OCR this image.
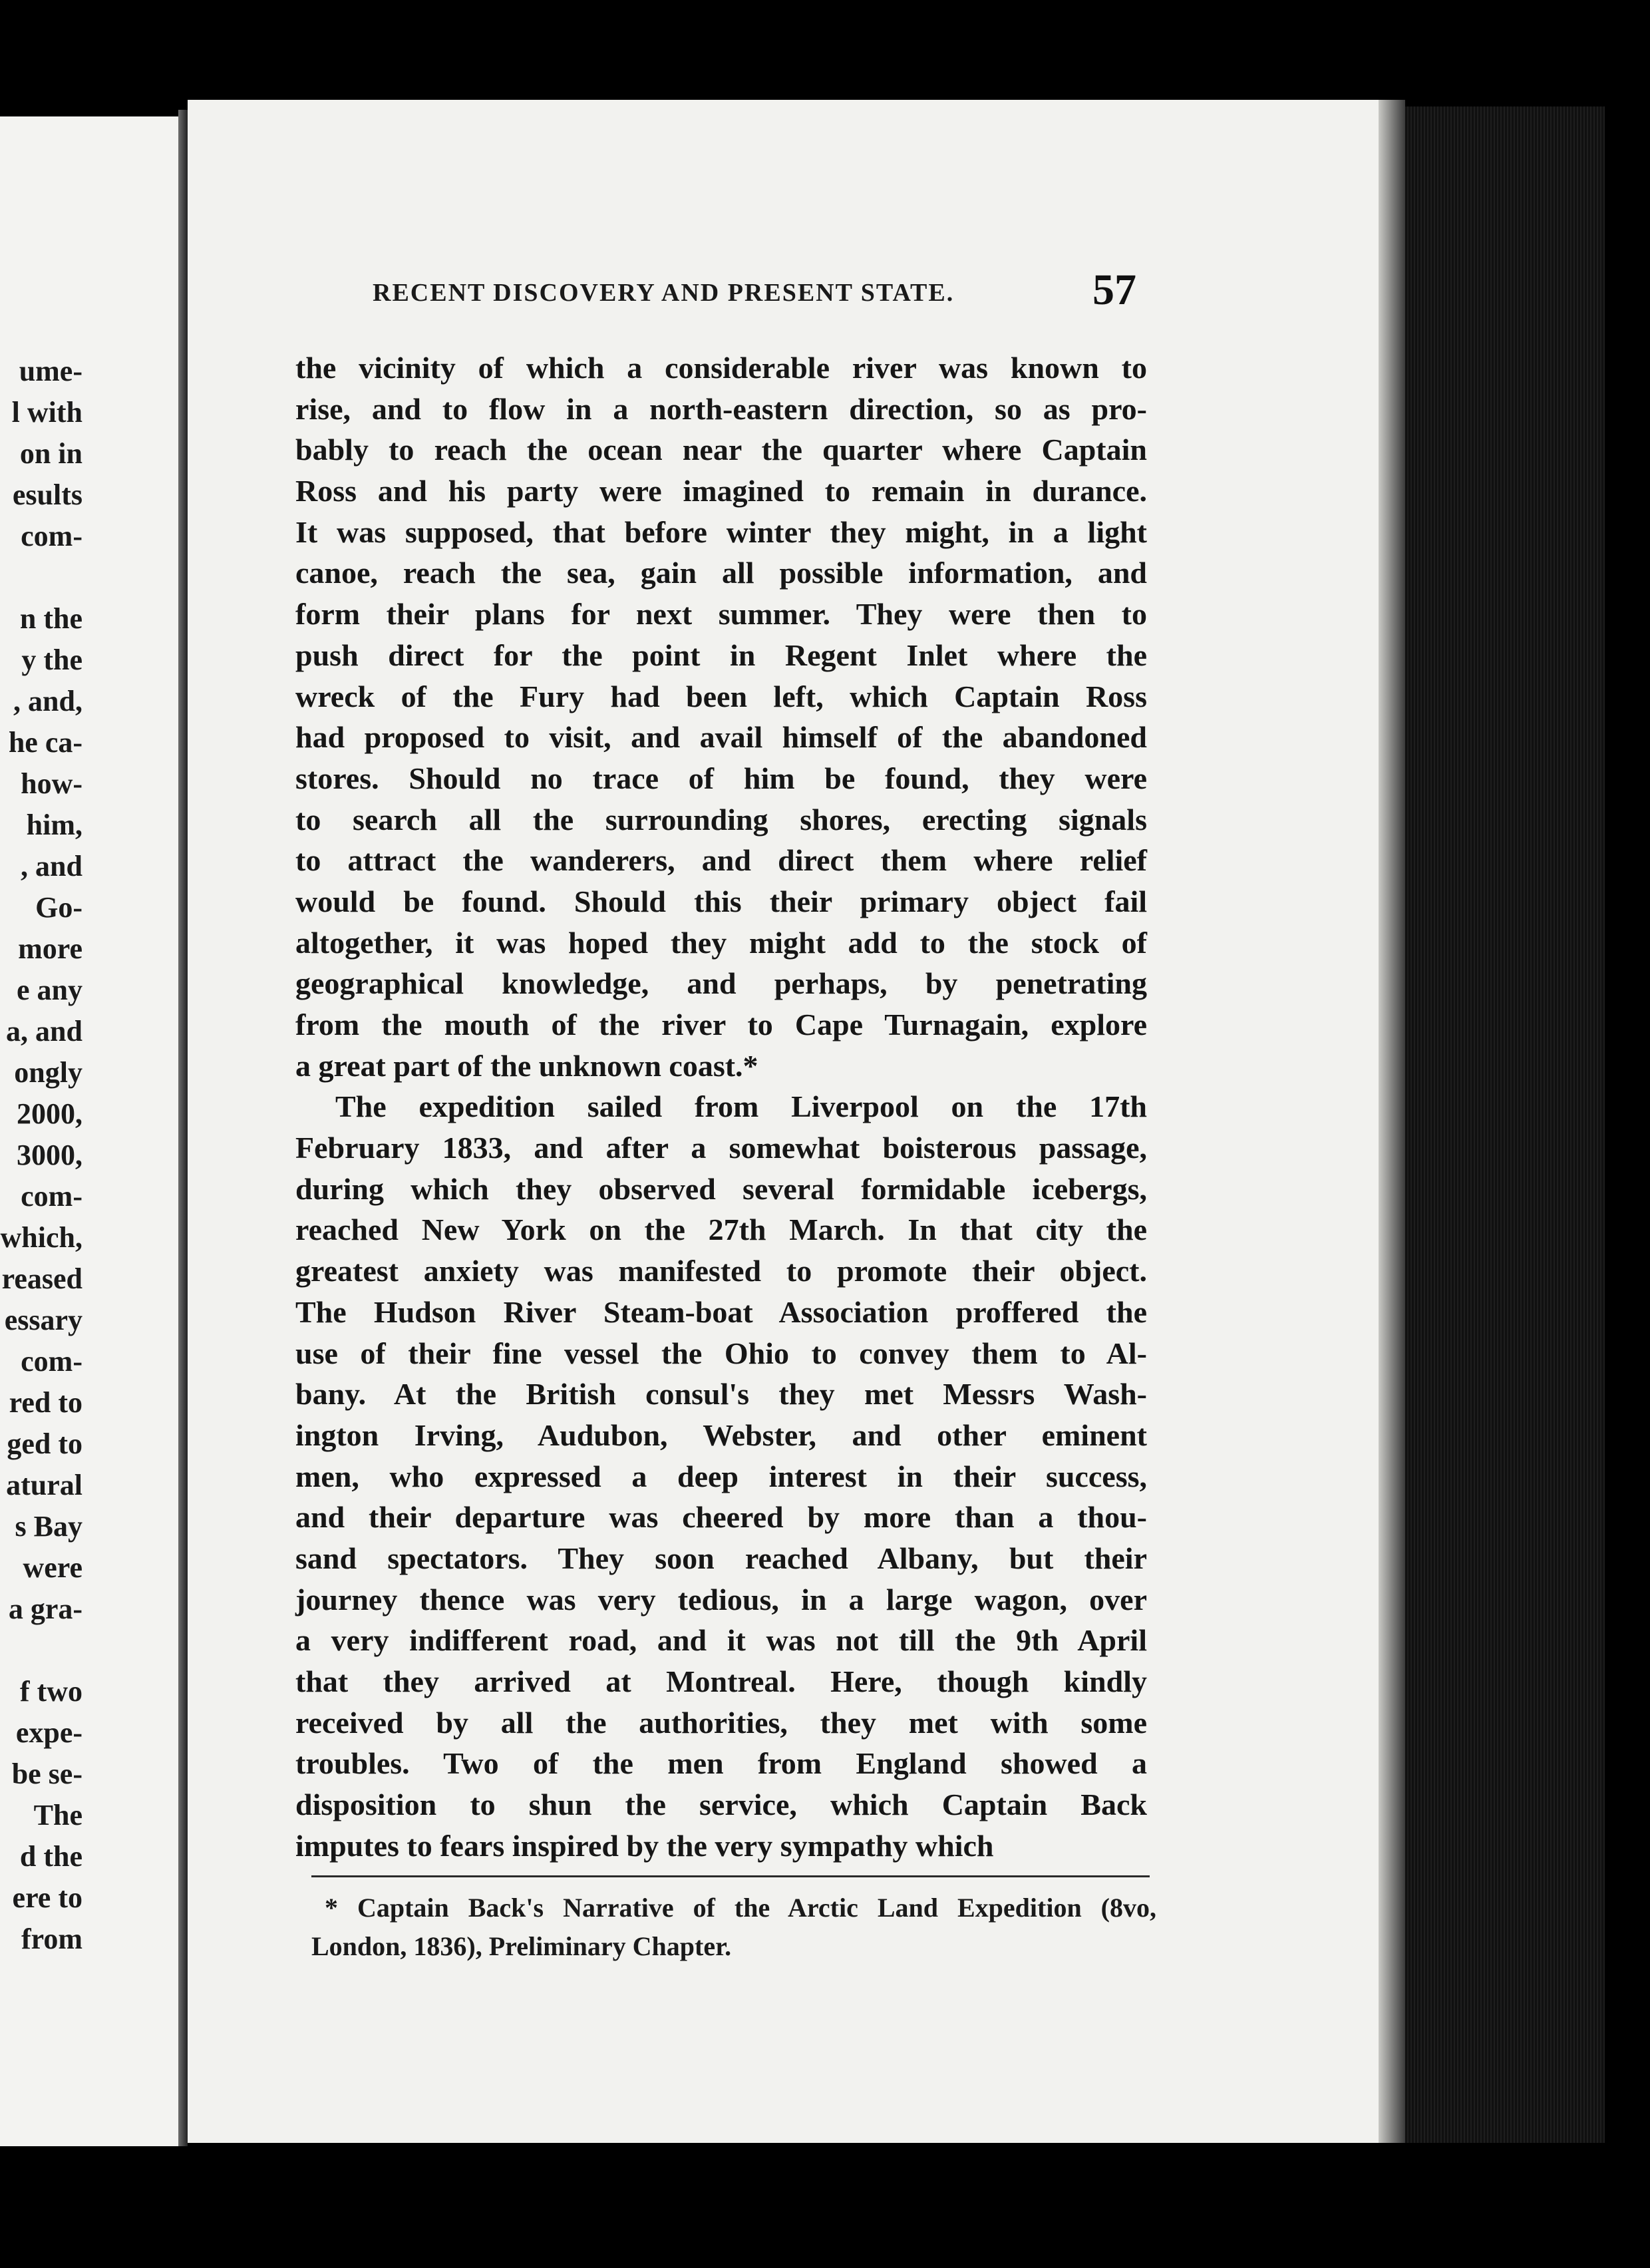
ume-
l with
on in
esults
com-
n the
y the
, and,
he ca-
how-
him,
, and
Go-
more
e any
a, and
ongly
2000,
3000,
com-
which,
reased
essary
com-
red to
ged to
atural
s Bay
were
a gra-
f two
expe-
be se-
The
d the
ere to
from
RECENT DISCOVERY AND PRESENT STATE.	57
the vicinity of which a considerable river was known to
rise, and to flow in a north-eastern direction, so as pro-
bably to reach the ocean near the quarter where Captain
Ross and his party were imagined to remain in durance.
It was supposed, that before winter they might, in a light
canoe, reach the sea, gain all possible information, and
form their plans for next summer. They were then to
push direct for the point in Regent Inlet where the
wreck of the Fury had been left, which Captain Ross
had proposed to visit, and avail himself of the abandoned
stores. Should no trace of him be found, they were
to search all the surrounding shores, erecting signals
to attract the wanderers, and direct them where relief
would be found. Should this their primary object fail
altogether, it was hoped they might add to the stock of
geographical knowledge, and perhaps, by penetrating
from the mouth of the river to Cape Turnagain, explore
a great part of the unknown coast.*
The expedition sailed from Liverpool on the 17th
February 1833, and after a somewhat boisterous passage,
during which they observed several formidable icebergs,
reached New York on the 27th March. In that city the
greatest anxiety was manifested to promote their object.
The Hudson River Steam-boat Association proffered the
use of their fine vessel the Ohio to convey them to Al-
bany. At the British consul's they met Messrs Wash-
ington Irving, Audubon, Webster, and other eminent
men, who expressed a deep interest in their success,
and their departure was cheered by more than a thou-
sand spectators. They soon reached Albany, but their
journey thence was very tedious, in a large wagon, over
a very indifferent road, and it was not till the 9th April
that they arrived at Montreal. Here, though kindly
received by all the authorities, they met with some
troubles. Two of the men from England showed a
disposition to shun the service, which Captain Back
imputes to fears inspired by the very sympathy which
* Captain Back's Narrative of the Arctic Land Expedition (8vo,
London, 1836), Preliminary Chapter.
